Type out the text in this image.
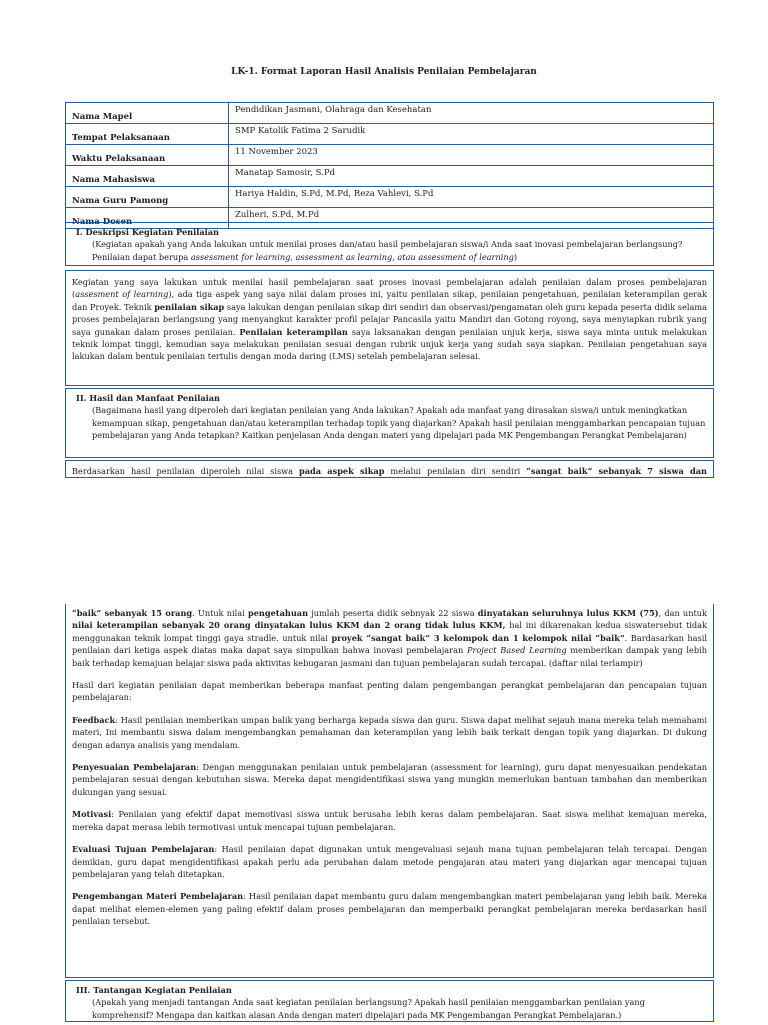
LK-1. Format Laporan Hasil Analisis Penilaian Pembelajaran
Nama Mapel	Pendidikan Jasmani, Olahraga dan Kesehatan
Tempat Pelaksanaan	SMP Katolik Fatima 2 Sarudik
Waktu Pelaksanaan	11 November 2023
Nama Mahasiswa	Manatap Samosir, S.Pd
Nama Guru Pamong	Hariya Haldin, S.Pd, M.Pd, Reza Vahlevi, S.Pd
Nama Dosen	Zulheri, S.Pd, M.Pd
I. Deskripsi Kegiatan Penilaian
(Kegiatan apakah yang Anda lakukan untuk menilai proses dan/atau hasil pembelajaran siswa/i Anda saat inovasi pembelajaran berlangsung? Penilaian dapat berupa assessment for learning, assessment as learning, atau assessment of learning)
Kegiatan yang saya lakukan untuk menilai hasil pembelajaran saat proses inovasi pembelajaran adalah penilaian dalam proses pembelajaran (assesment of learning), ada tiga aspek yang saya nilai dalam proses ini, yaitu penilaian sikap, penilaian pengetahuan, penilaian keterampilan gerak dan Proyek. Teknik penilaian sikap saya lakukan dengan penilaian sikap diri sendiri dan observasi/pengamatan oleh guru kepada peserta didik selama proses pembelajaran berlangsung yang menyangkut karakter profil pelajar Pancasila yaitu Mandiri dan Gotong royong, saya menyiapkan rubrik yang saya gunakan dalam proses penilaian. Penilaian keterampilan saya laksanakan dengan penilaian unjuk kerja, siswa saya minta untuk melakukan teknik lompat tinggi, kemudian saya melakukan penilaian sesuai dengan rubrik unjuk kerja yang sudah saya siapkan. Penilaian pengetahuan saya lakukan dalam bentuk penilaian tertulis dengan moda daring (LMS) setelah pembelajaran selesai.
II. Hasil dan Manfaat Penilaian
(Bagaimana hasil yang diperoleh dari kegiatan penilaian yang Anda lakukan? Apakah ada manfaat yang dirasakan siswa/i untuk meningkatkan kemampuan sikap, pengetahuan dan/atau keterampilan terhadap topik yang diajarkan? Apakah hasil penilaian menggambarkan pencapaian tujuan pembelajaran yang Anda tetapkan? Kaitkan penjelasan Anda dengan materi yang dipelajari pada MK Pengembangan Perangkat Pembelajaran)
Berdasarkan hasil penilaian diperoleh nilai siswa pada aspek sikap melalui penilaian diri sendiri “sangat baik” sebanyak 7 siswa dan

“baik” sebanyak 15 orang. Untuk nilai pengetahuan jumlah peserta didik sebnyak 22 siswa dinyatakan seluruhnya lulus KKM (75), dan untuk nilai keterampilan sebanyak 20 orang dinyatakan lulus KKM dan 2 orang tidak lulus KKM, hal ini dikarenakan kedua siswatersebut tidak menggunakan teknik lompat tinggi gaya stradle. untuk nilai proyek “sangat baik” 3 kelompok dan 1 kelompok nilai “baik”. Bardasarkan hasil penilaian dari ketiga aspek diatas maka dapat saya simpulkan bahwa inovasi pembelajaran Project Based Learning memberikan dampak yang lebih baik terhadap kemajuan belajar siswa pada aktivitas kebugaran jasmani dan tujuan pembelajaran sudah tercapai. (daftar nilai terlampir)

Hasil dari kegiatan penilaian dapat memberikan beberapa manfaat penting dalam pengembangan perangkat pembelajaran dan pencapaian tujuan pembelajaran:

Feedback: Hasil penilaian memberikan umpan balik yang berharga kepada siswa dan guru. Siswa dapat melihat sejauh mana mereka telah memahami materi, Ini membantu siswa dalam mengembangkan pemahaman dan keterampilan yang lebih baik terkait dengan topik yang diajarkan. Di dukung dengan adanya analisis yang mendalam.

Penyesuaian Pembelajaran: Dengan menggunakan penilaian untuk pembelajaran (assessment for learning), guru dapat menyesuaikan pendekatan pembelajaran sesuai dengan kebutuhan siswa. Mereka dapat mengidentifikasi siswa yang mungkin memerlukan bantuan tambahan dan memberikan dukungan yang sesuai.

Motivasi: Penilaian yang efektif dapat memotivasi siswa untuk berusaha lebih keras dalam pembelajaran. Saat siswa melihat kemajuan mereka, mereka dapat merasa lebih termotivasi untuk mencapai tujuan pembelajaran.

Evaluasi Tujuan Pembelajaran: Hasil penilaian dapat digunakan untuk mengevaluasi sejauh mana tujuan pembelajaran telah tercapai. Dengan demikian, guru dapat mengidentifikasi apakah perlu ada perubahan dalam metode pengajaran atau materi yang diajarkan agar mencapai tujuan pembelajaran yang telah ditetapkan.

Pengembangan Materi Pembelajaran: Hasil penilaian dapat membantu guru dalam mengembangkan materi pembelajaran yang lebih baik. Mereka dapat melihat elemen-elemen yang paling efektif dalam proses pembelajaran dan memperbaiki perangkat pembelajaran mereka berdasarkan hasil penilaian tersebut.

III. Tantangan Kegiatan Penilaian
(Apakah yang menjadi tantangan Anda saat kegiatan penilaian berlangsung? Apakah hasil penilaian menggambarkan penilaian yang komprehensif? Mengapa dan kaitkan alasan Anda dengan materi dipelajari pada MK Pengembangan Perangkat Pembelajaran.)
